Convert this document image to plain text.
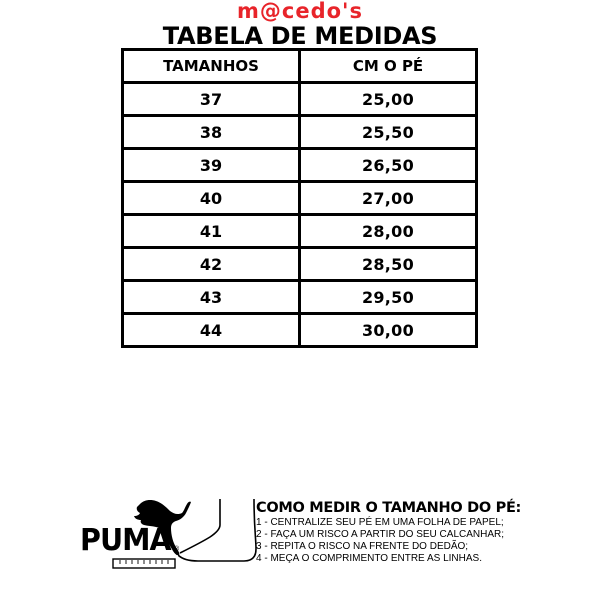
m@cedo's
TABELA DE MEDIDAS
TAMANHOS	CM O PÉ
37	25,00
38	25,50
39	26,50
40	27,00
41	28,00
42	28,50
43	29,50
44	30,00
PUMA ®
COMO MEDIR O TAMANHO DO PÉ:
1 - CENTRALIZE SEU PÉ EM UMA FOLHA DE PAPEL;
2 - FAÇA UM RISCO A PARTIR DO SEU CALCANHAR;
3 - REPITA O RISCO NA FRENTE DO DEDÃO;
4 - MEÇA O COMPRIMENTO ENTRE AS LINHAS.
